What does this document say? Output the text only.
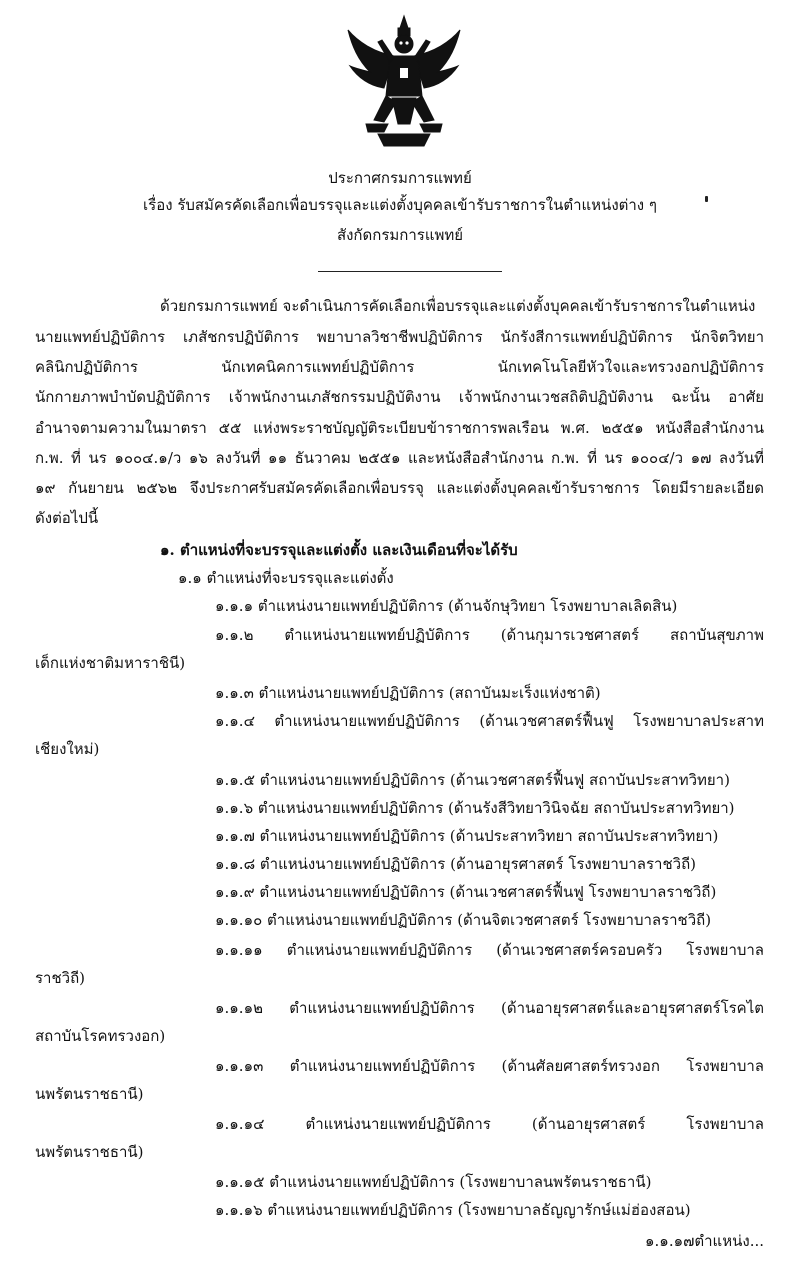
ประกาศกรมการแพทย์
เรื่อง รับสมัครคัดเลือกเพื่อบรรจุและแต่งตั้งบุคคลเข้ารับราชการในตำแหน่งต่าง ๆ
สังกัดกรมการแพทย์
ด้วยกรมการแพทย์ จะดำเนินการคัดเลือกเพื่อบรรจุและแต่งตั้งบุคคลเข้ารับราชการในตำแหน่ง
นายแพทย์ปฏิบัติการ เภสัชกรปฏิบัติการ พยาบาลวิชาชีพปฏิบัติการ นักรังสีการแพทย์ปฏิบัติการ นักจิตวิทยา
คลินิกปฏิบัติการ นักเทคนิคการแพทย์ปฏิบัติการ นักเทคโนโลยีหัวใจและทรวงอกปฏิบัติการ
นักกายภาพบำบัดปฏิบัติการ เจ้าพนักงานเภสัชกรรมปฏิบัติงาน เจ้าพนักงานเวชสถิติปฏิบัติงาน ฉะนั้น อาศัย
อำนาจตามความในมาตรา ๕๕ แห่งพระราชบัญญัติระเบียบข้าราชการพลเรือน พ.ศ. ๒๕๕๑ หนังสือสำนักงาน
ก.พ. ที่ นร ๑๐๐๔.๑/ว ๑๖ ลงวันที่ ๑๑ ธันวาคม ๒๕๕๑ และหนังสือสำนักงาน ก.พ. ที่ นร ๑๐๐๔/ว ๑๗ ลงวันที่
๑๙ กันยายน ๒๕๖๒ จึงประกาศรับสมัครคัดเลือกเพื่อบรรจุ และแต่งตั้งบุคคลเข้ารับราชการ โดยมีรายละเอียด
ดังต่อไปนี้
๑. ตำแหน่งที่จะบรรจุและแต่งตั้ง และเงินเดือนที่จะได้รับ
๑.๑ ตำแหน่งที่จะบรรจุและแต่งตั้ง
๑.๑.๑ ตำแหน่งนายแพทย์ปฏิบัติการ (ด้านจักษุวิทยา โรงพยาบาลเลิดสิน)
๑.๑.๒ ตำแหน่งนายแพทย์ปฏิบัติการ (ด้านกุมารเวชศาสตร์ สถาบันสุขภาพ
เด็กแห่งชาติมหาราชินี)
๑.๑.๓ ตำแหน่งนายแพทย์ปฏิบัติการ (สถาบันมะเร็งแห่งชาติ)
๑.๑.๔ ตำแหน่งนายแพทย์ปฏิบัติการ (ด้านเวชศาสตร์ฟื้นฟู โรงพยาบาลประสาท
เชียงใหม่)
๑.๑.๕ ตำแหน่งนายแพทย์ปฏิบัติการ (ด้านเวชศาสตร์ฟื้นฟู สถาบันประสาทวิทยา)
๑.๑.๖ ตำแหน่งนายแพทย์ปฏิบัติการ (ด้านรังสีวิทยาวินิจฉัย สถาบันประสาทวิทยา)
๑.๑.๗ ตำแหน่งนายแพทย์ปฏิบัติการ (ด้านประสาทวิทยา สถาบันประสาทวิทยา)
๑.๑.๘ ตำแหน่งนายแพทย์ปฏิบัติการ (ด้านอายุรศาสตร์ โรงพยาบาลราชวิถี)
๑.๑.๙ ตำแหน่งนายแพทย์ปฏิบัติการ (ด้านเวชศาสตร์ฟื้นฟู โรงพยาบาลราชวิถี)
๑.๑.๑๐ ตำแหน่งนายแพทย์ปฏิบัติการ (ด้านจิตเวชศาสตร์ โรงพยาบาลราชวิถี)
๑.๑.๑๑ ตำแหน่งนายแพทย์ปฏิบัติการ (ด้านเวชศาสตร์ครอบครัว โรงพยาบาล
ราชวิถี)
๑.๑.๑๒ ตำแหน่งนายแพทย์ปฏิบัติการ (ด้านอายุรศาสตร์และอายุรศาสตร์โรคไต
สถาบันโรคทรวงอก)
๑.๑.๑๓ ตำแหน่งนายแพทย์ปฏิบัติการ (ด้านศัลยศาสตร์ทรวงอก โรงพยาบาล
นพรัตนราชธานี)
๑.๑.๑๔ ตำแหน่งนายแพทย์ปฏิบัติการ (ด้านอายุรศาสตร์ โรงพยาบาล
นพรัตนราชธานี)
๑.๑.๑๕ ตำแหน่งนายแพทย์ปฏิบัติการ (โรงพยาบาลนพรัตนราชธานี)
๑.๑.๑๖ ตำแหน่งนายแพทย์ปฏิบัติการ (โรงพยาบาลธัญญารักษ์แม่ฮ่องสอน)
๑.๑.๑๗ตำแหน่ง...
